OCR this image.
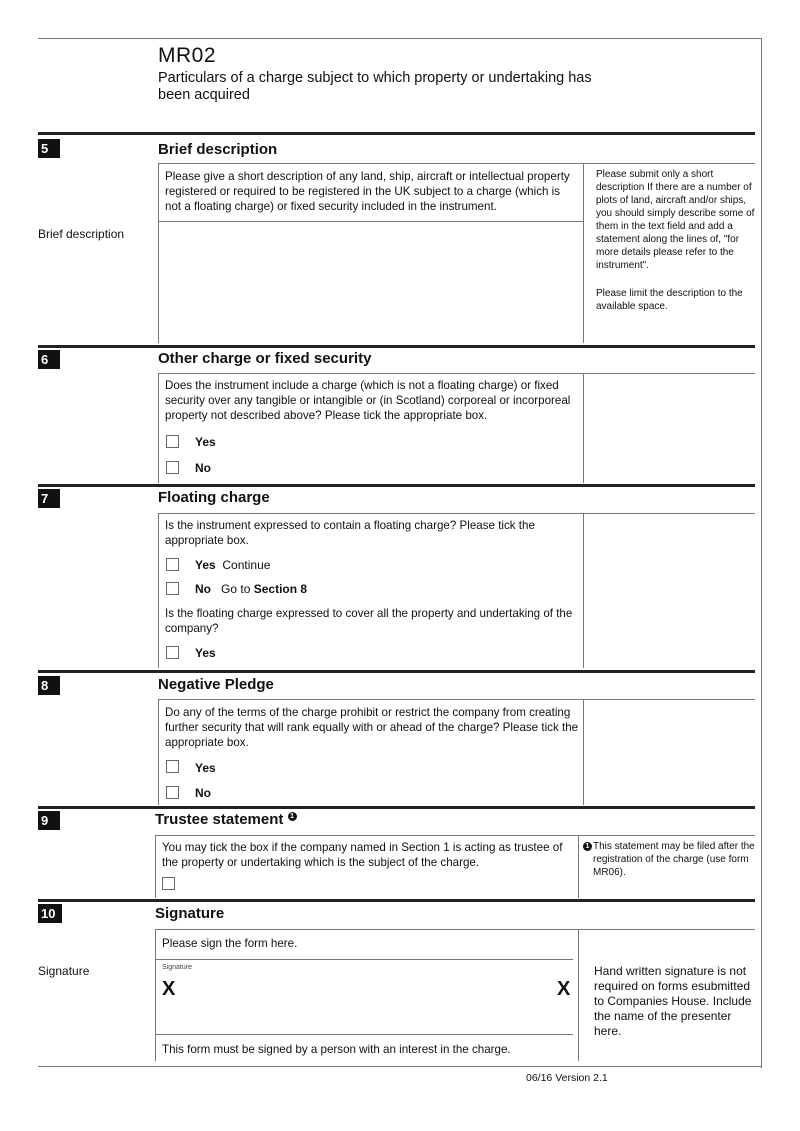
MR02
Particulars of a charge subject to which property or undertaking has been acquired
5	Brief description
Please give a short description of any land, ship, aircraft or intellectual property registered or required to be registered in the UK subject to a charge (which is not a floating charge) or fixed security included in the instrument.
Brief description
Please submit only a short description If there are a number of plots of land, aircraft and/or ships, you should simply describe some of them in the text field and add a statement along the lines of, "for more details please refer to the instrument".
Please limit the description to the available space.
6	Other charge or fixed security
Does the instrument include a charge (which is not a floating charge) or fixed security over any tangible or intangible or (in Scotland) corporeal or incorporeal property not described above? Please tick the appropriate box.
Yes
No
7	Floating charge
Is the instrument expressed to contain a floating charge? Please tick the appropriate box.
Yes Continue
No Go to Section 8
Is the floating charge expressed to cover all the property and undertaking of the company?
Yes
8	Negative Pledge
Do any of the terms of the charge prohibit or restrict the company from creating further security that will rank equally with or ahead of the charge? Please tick the appropriate box.
Yes
No
9	Trustee statement 1
You may tick the box if the company named in Section 1 is acting as trustee of the property or undertaking which is the subject of the charge.
1 This statement may be filed after the registration of the charge (use form MR06).
10	Signature
Please sign the form here.
Signature	Signature
X	X
This form must be signed by a person with an interest in the charge.
Hand written signature is not required on forms esubmitted to Companies House. Include the name of the presenter here.
06/16 Version 2.1
